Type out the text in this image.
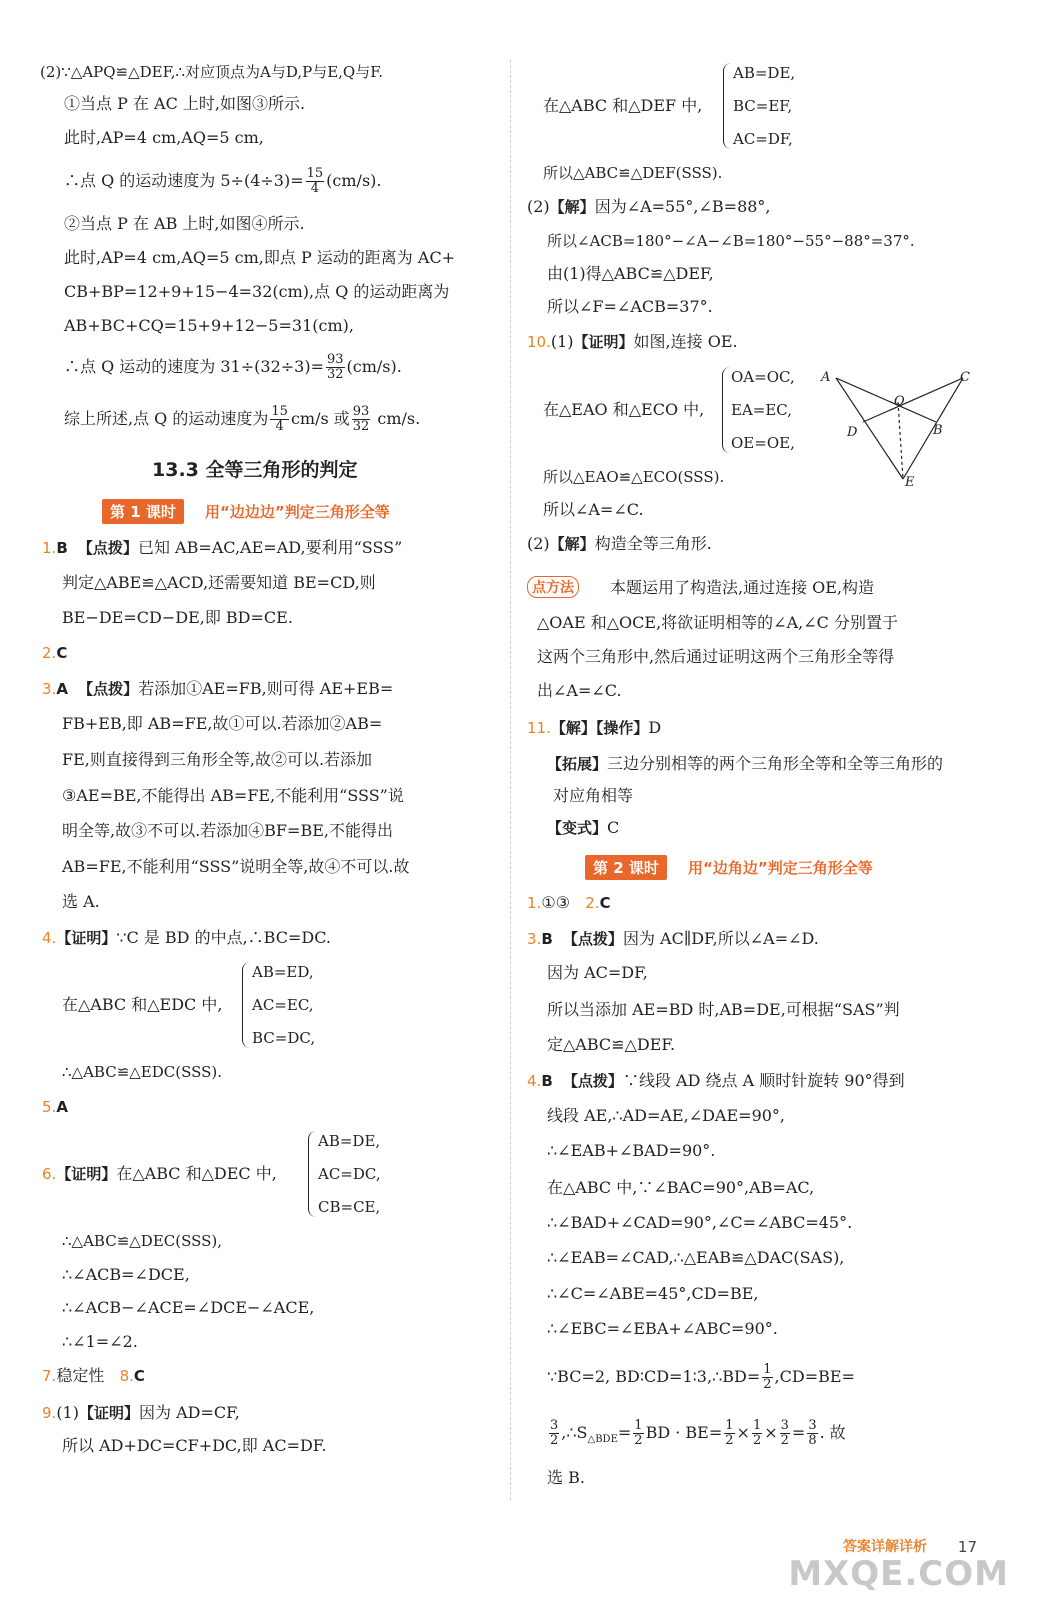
(2)∵△APQ≌△DEF,∴对应顶点为A与D,P与E,Q与F.
①当点 P 在 AC 上时,如图③所示.
此时,AP=4 cm,AQ=5 cm,
∴点 Q 的运动速度为 $5\div(4\div 3)= \frac{15}{4} (cm/s)$.
②当点 P 在 AB 上时,如图④所示.
此时,AP=4 cm,AQ=5 cm,即点 P 运动的距离为 AC+
CB+BP=12+9+15−4=32(cm),点 Q 的运动距离为
AB+BC+CQ=15+9+12−5=31(cm),
∴点 Q 运动的速度为 $31\div(32\div 3)= \frac{93}{32} (cm/s)$.
综上所述,点 Q 的运动速度为 $\frac{15}{4} cm/s$ 或 $\frac{93}{32} cm/s$.
13.3 全等三角形的判定
第 1 课时	用“边边边”判定三角形全等
1.B 【点拨】已知 AB=AC,AE=AD,要利用“SSS”
判定△ABE≌△ACD,还需要知道 BE=CD,则
BE−DE=CD−DE,即 BD=CE.
2.C
3.A 【点拨】若添加①AE=FB,则可得 AE+EB=
FB+EB,即 AB=FE,故①可以.若添加②AB=
FE,则直接得到三角形全等,故②可以.若添加
③AE=BE,不能得出 AB=FE,不能利用“SSS”说
明全等,故③不可以.若添加④BF=BE,不能得出
AB=FE,不能利用“SSS”说明全等,故④不可以.故
选 A.
4.【证明】∵C 是 BD 的中点,∴BC=DC.
在△ABC 和△EDC 中,
AB=ED,
AC=EC,
BC=DC,
∴△ABC≌△EDC(SSS).
5.A
6.【证明】在△ABC 和△DEC 中,
AB=DE,
AC=DC,
CB=CE,
∴△ABC≌△DEC(SSS),
∴∠ACB=∠DCE,
∴∠ACB−∠ACE=∠DCE−∠ACE,
∴∠1=∠2.
7.稳定性 8.C
9.(1)【证明】因为 AD=CF,
所以 AD+DC=CF+DC,即 AC=DF.
在△ABC 和△DEF 中,
AB=DE,
BC=EF,
AC=DF,
所以△ABC≌△DEF(SSS).
(2)【解】因为∠A=55°,∠B=88°,
所以∠ACB=180°−∠A−∠B=180°−55°−88°=37°.
由(1)得△ABC≌△DEF,
所以∠F=∠ACB=37°.
10.(1)【证明】如图,连接 OE.
在△EAO 和△ECO 中,
OA=OC,
EA=EC,
OE=OE,
A	C
O
D	B
E
所以△EAO≌△ECO(SSS).
所以∠A=∠C.
(2)【解】构造全等三角形.
点方法	本题运用了构造法,通过连接 OE,构造
△OAE 和△OCE,将欲证明相等的∠A,∠C 分别置于
这两个三角形中,然后通过证明这两个三角形全等得
出∠A=∠C.
11.【解】【操作】D
【拓展】三边分别相等的两个三角形全等和全等三角形的
对应角相等
【变式】C
第 2 课时	用“边角边”判定三角形全等
1.①③ 2.C
3.B 【点拨】因为 AC∥DF,所以∠A=∠D.
因为 AC=DF,
所以当添加 AE=BD 时,AB=DE,可根据“SAS”判
定△ABC≌△DEF.
4.B 【点拨】∵线段 AD 绕点 A 顺时针旋转 90°得到
线段 AE,∴AD=AE,∠DAE=90°,
∴∠EAB+∠BAD=90°.
在△ABC 中,∵∠BAC=90°,AB=AC,
∴∠BAD+∠CAD=90°,∠C=∠ABC=45°.
∴∠EAB=∠CAD,∴△EAB≌△DAC(SAS),
∴∠C=∠ABE=45°,CD=BE,
∴∠EBC=∠EBA+∠ABC=90°.
∵BC=2, BD∶CD=1∶3,∴BD= $\frac{1}{2} ,CD=BE=$
$\frac{3}{2}$ $,\therefore S_{\triangle BDE}= \frac{1}{2}$ BD · $BE= \frac{1}{2} \times \frac{1}{2} \times \frac{3}{2} = \frac{3}{8}$ . 故
选 B.
答案详解详析 17
MXQE.COM
